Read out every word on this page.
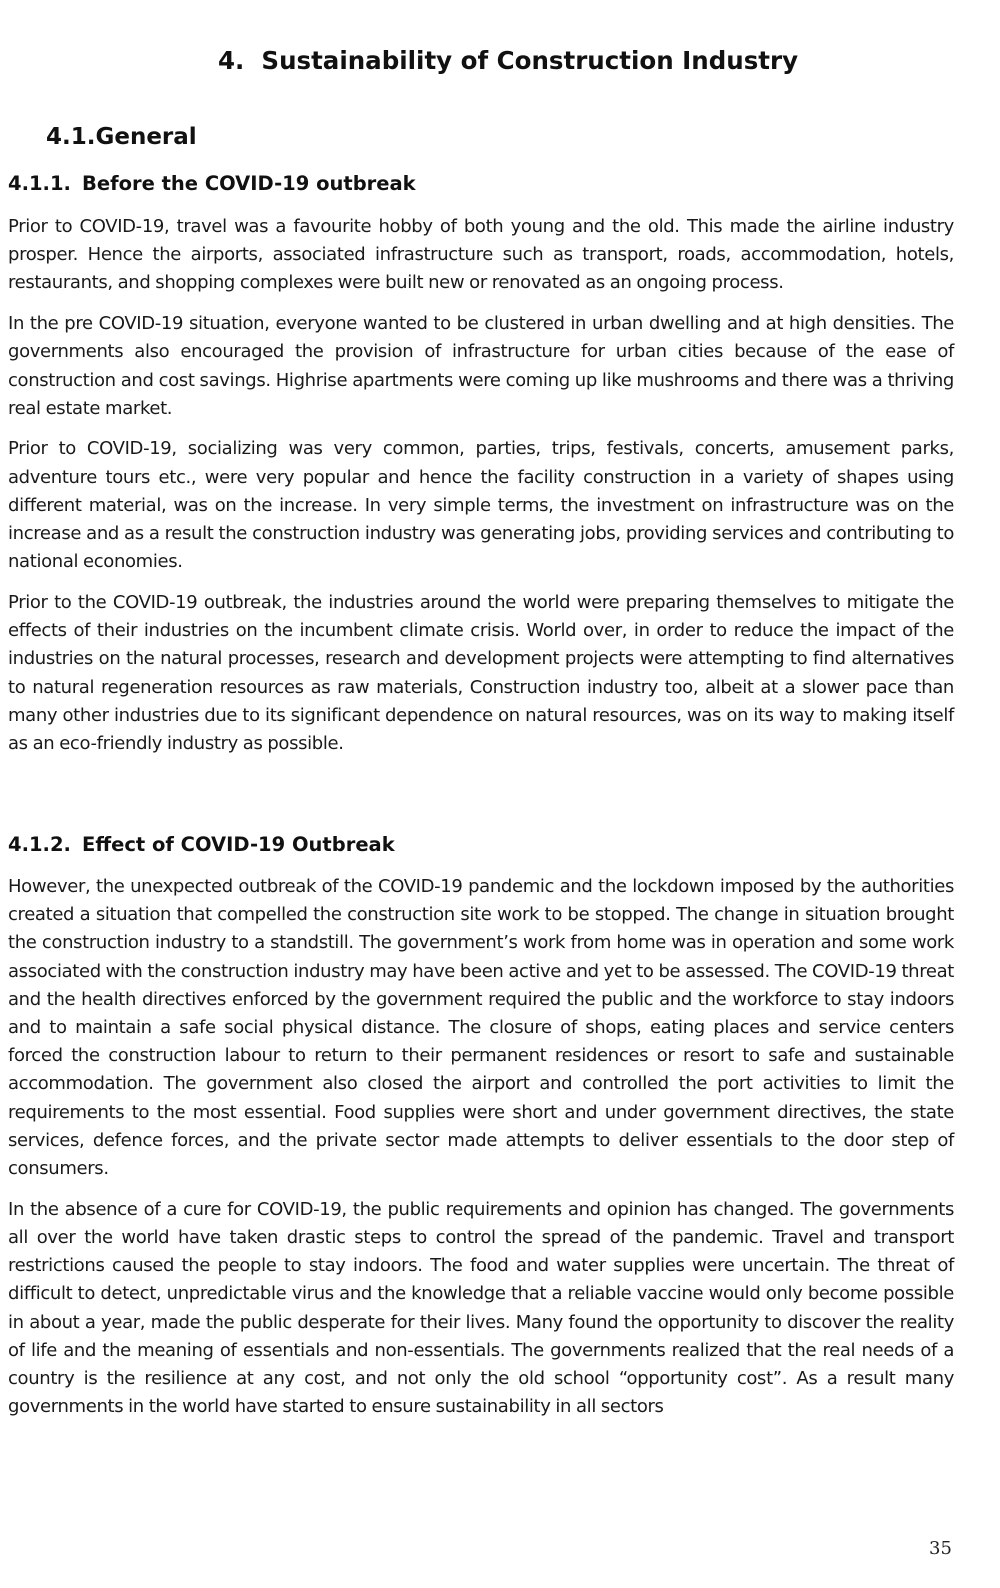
4. Sustainability of Construction Industry
4.1.General
4.1.1. Before the COVID-19 outbreak

Prior to COVID-19, travel was a favourite hobby of both young and the old. This made the airline industry prosper. Hence the airports, associated infrastructure such as transport, roads, accommodation, hotels, restaurants, and shopping complexes were built new or renovated as an ongoing process.

In the pre COVID-19 situation, everyone wanted to be clustered in urban dwelling and at high densities. The governments also encouraged the provision of infrastructure for urban cities because of the ease of construction and cost savings. Highrise apartments were coming up like mushrooms and there was a thriving real estate market.

Prior to COVID-19, socializing was very common, parties, trips, festivals, concerts, amusement parks, adventure tours etc., were very popular and hence the facility construction in a variety of shapes using different material, was on the increase. In very simple terms, the investment on infrastructure was on the increase and as a result the construction industry was generating jobs, providing services and contributing to national economies.

Prior to the COVID-19 outbreak, the industries around the world were preparing themselves to mitigate the effects of their industries on the incumbent climate crisis. World over, in order to reduce the impact of the industries on the natural processes, research and development projects were attempting to find alternatives to natural regeneration resources as raw materials, Construction industry too, albeit at a slower pace than many other industries due to its significant dependence on natural resources, was on its way to making itself as an eco-friendly industry as possible.

4.1.2. Effect of COVID-19 Outbreak

However, the unexpected outbreak of the COVID-19 pandemic and the lockdown imposed by the authorities created a situation that compelled the construction site work to be stopped. The change in situation brought the construction industry to a standstill. The government’s work from home was in operation and some work associated with the construction industry may have been active and yet to be assessed. The COVID-19 threat and the health directives enforced by the government required the public and the workforce to stay indoors and to maintain a safe social physical distance. The closure of shops, eating places and service centers forced the construction labour to return to their permanent residences or resort to safe and sustainable accommodation. The government also closed the airport and controlled the port activities to limit the requirements to the most essential. Food supplies were short and under government directives, the state services, defence forces, and the private sector made attempts to deliver essentials to the door step of consumers.

In the absence of a cure for COVID-19, the public requirements and opinion has changed. The governments all over the world have taken drastic steps to control the spread of the pandemic. Travel and transport restrictions caused the people to stay indoors. The food and water supplies were uncertain. The threat of difficult to detect, unpredictable virus and the knowledge that a reliable vaccine would only become possible in about a year, made the public desperate for their lives. Many found the opportunity to discover the reality of life and the meaning of essentials and non-essentials. The governments realized that the real needs of a country is the resilience at any cost, and not only the old school “opportunity cost”. As a result many governments in the world have started to ensure sustainability in all sectors

35
